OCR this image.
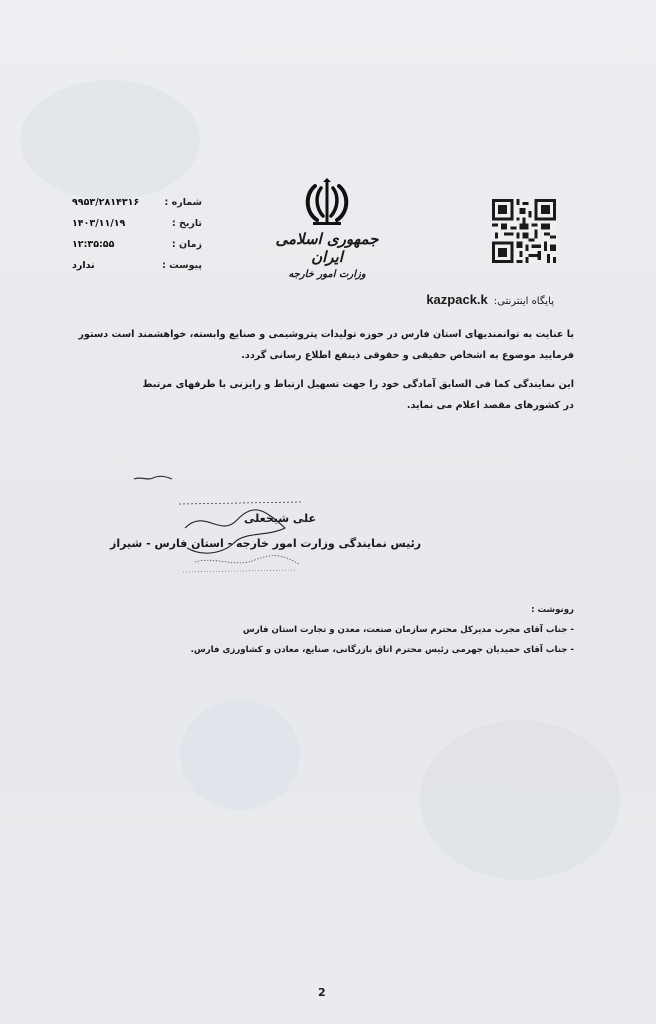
شماره :
۹۹۵۳/۲۸۱۴۳۱۶
تاریخ :
۱۴۰۳/۱۱/۱۹
زمان :
۱۲:۳۵:۵۵
پیوست :
ندارد
جمهوری اسلامی ایران
وزارت امور خارجه
پایگاه اینترنتی:
kazpack.k
با عنایت به توانمندیهای استان فارس در حوزه تولیدات پتروشیمی و صنایع وابسته، خواهشمند است دستور فرمایید موضوع به اشخاص حقیقی و حقوقی ذینفع اطلاع رسانی گردد.
این نمایندگی کما فی السابق آمادگی خود را جهت تسهیل ارتباط و رایزنی با طرفهای مرتبط در کشورهای مقصد اعلام می نماید.
علی شیخعلی
رئیس نمایندگی وزارت امور خارجه - استان فارس - شیراز
رونوشت :
- جناب آقای مجرب مدیرکل محترم سازمان صنعت، معدن و تجارت استان فارس
- جناب آقای حمیدیان جهرمی رئیس محترم اتاق بازرگانی، صنایع، معادن و کشاورزی فارس.
2
